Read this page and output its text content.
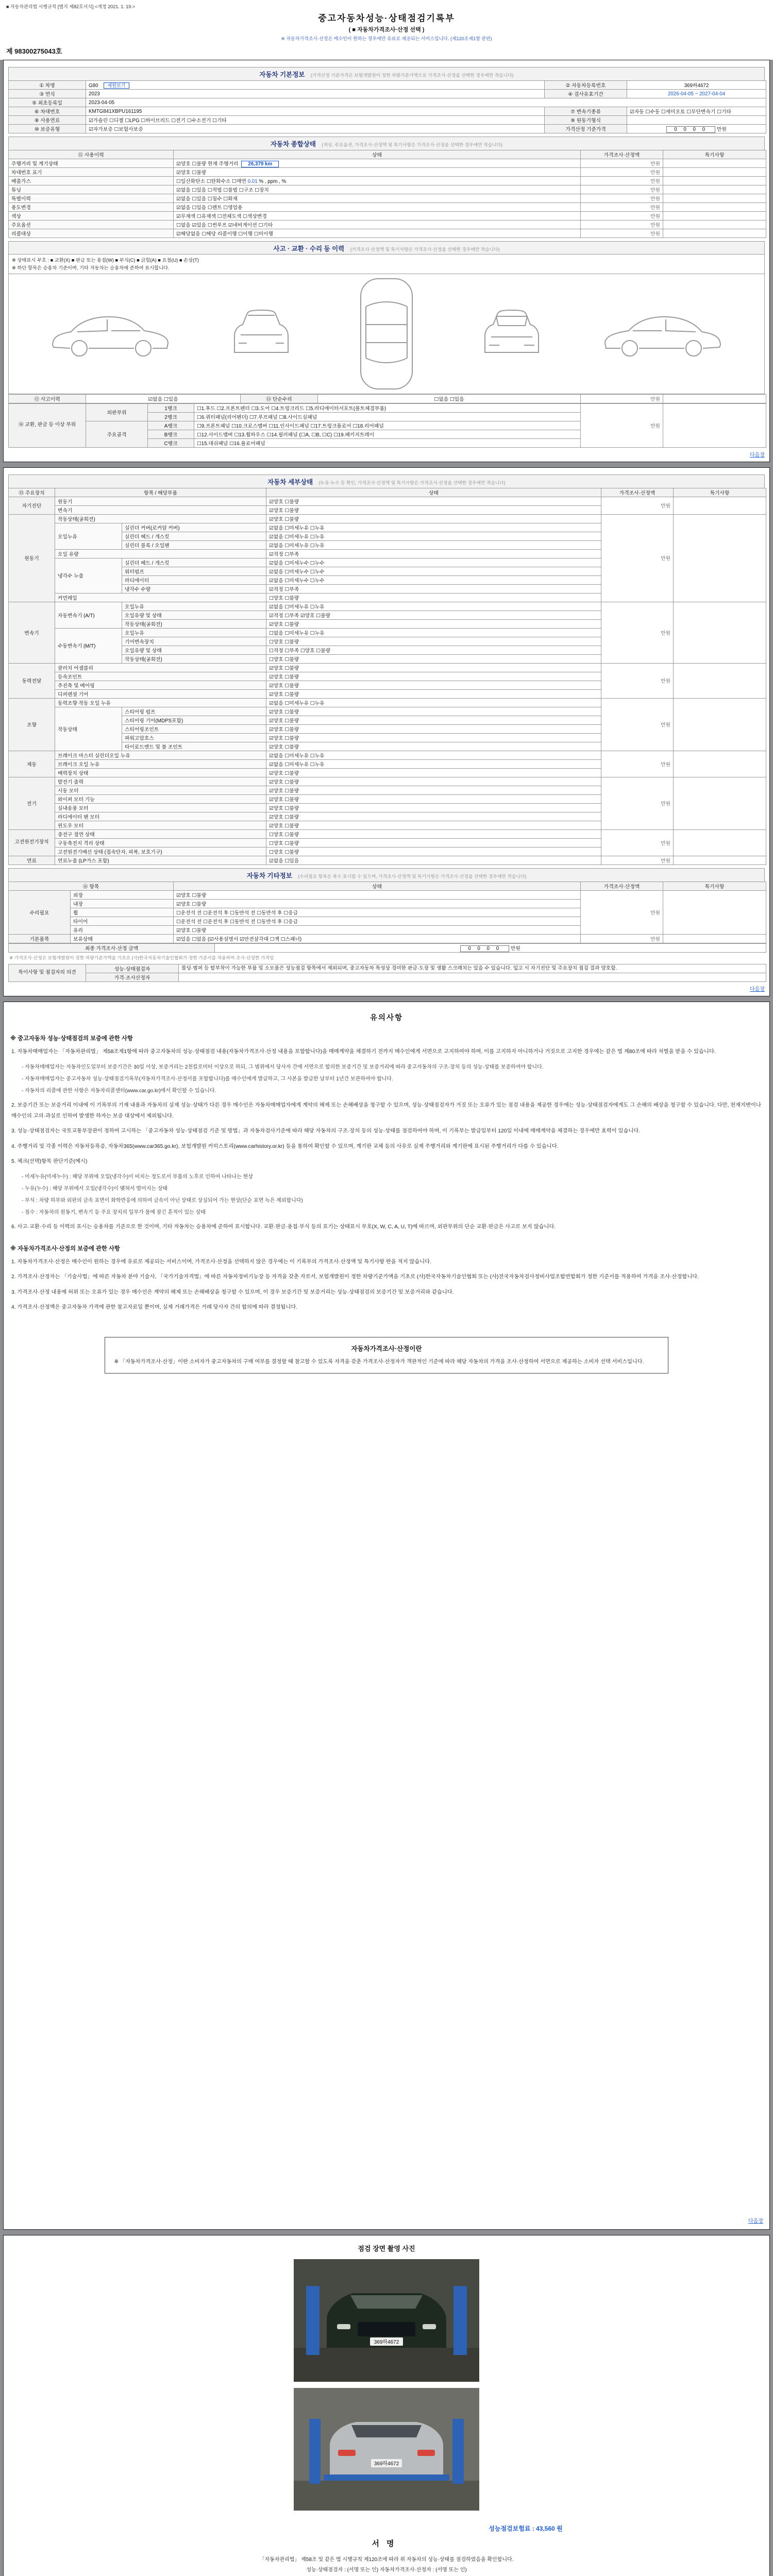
■ 자동차관리법 시행규칙 [별지 제82호서식] <개정 2021. 1. 19.>
중고자동차성능·상태점검기록부
( ■ 자동차가격조사·산정 선택 )
※ 자동차가격조사·산정은 매수인이 원하는 경우에만 유료로 제공되는 서비스입니다. (제120조제1항 관련)
제 98300275043호
자동차 기본정보 (가격산정 기준가격은 보험개발원이 정한 차량기준가액으로 가격조사·산정을 선택한 경우에만 적습니다)
① 차명	G80 제원보기	② 자동차등록번호	369하4672
③ 연식	2023	④ 검사유효기간	2026-04-05 ~ 2027-04-04
⑤ 최초등록일	2023-04-05		
⑥ 차대번호	KMTG841XBPU161195	⑦ 변속기종류	☑자동 ☐수동 ☐세미오토 ☐무단변속기 ☐기타
⑧ 사용연료	☑가솔린 ☐디젤 ☐LPG ☐하이브리드 ☐전기 ☐수소전기 ☐기타	⑨ 원동기형식	
⑩ 보증유형	☑자가보증 ☐보험사보증	가격산정 기준가격	0 0 0 0 만원
자동차 종합상태 (색상, 주요옵션, 가격조사·산정액 및 특기사항은 가격조사·산정을 선택한 경우에만 적습니다)
⑪ 사용이력	상태	가격조사·산정액	특기사항
주행거리 및 계기상태	☑양호 ☐불량 현재 주행거리 26,379 km	만원	
차대번호 표기	☑양호 ☐불량	만원	
배출가스	☐일산화탄소 ☐탄화수소 ☐매연 0.01 % , ppm , %	만원	
튜닝	☑없음 ☐있음 ☐적법 ☐불법 ☐구조 ☐장치	만원	
특별이력	☑없음 ☐있음 ☐침수 ☐화재	만원	
용도변경	☑없음 ☐있음 ☐렌트 ☐영업용	만원	
색상	☑무채색 ☐유채색 ☐전체도색 ☐색상변경	만원	
주요옵션	☐없음 ☑있음 ☐썬루프 ☑네비게이션 ☐기타	만원	
리콜대상	☑해당없음 ☐해당 리콜이행 ☐이행 ☐미이행	만원	
사고 · 교환 · 수리 등 이력 (가격조사·산정액 및 특기사항은 가격조사·산정을 선택한 경우에만 적습니다)
※ 상태표시 부호 : ■ 교환(X) ■ 판금 또는 용접(W) ■ 부식(C) ■ 긁힘(A) ■ 요철(U) ■ 손상(T)
※ 하단 항목은 승용차 기준이며, 기타 자동차는 승용차에 준하여 표시합니다.
⑫ 사고이력	☑없음 ☐있음	⑬ 단순수리	☐없음 ☐있음	만원	
⑭ 교환, 판금 등 이상 부위	외판부위	1랭크	☐1.후드 ☐2.프론트펜더 ☐3.도어 ☐4.트렁크리드 ☐5.라디에이터서포트(볼트체결부품)	만원	
		2랭크	☐6.쿼터패널(리어펜더) ☐7.루프패널 ☐8.사이드실패널		
	주요골격	A랭크	☐9.프론트패널 ☐10.크로스멤버 ☐11.인사이드패널 ☐17.트렁크플로어 ☐18.리어패널		
		B랭크	☐12.사이드멤버 ☐13.휠하우스 ☐14.필러패널 (☐A, ☐B, ☐C) ☐19.패키지트레이		
		C랭크	☐15.대쉬패널 ☐16.플로어패널		
다음장
자동차 세부상태 (누유·누수 등 확인, 가격조사·산정액 및 특기사항은 가격조사·산정을 선택한 경우에만 적습니다)
⑮ 주요장치	항목 / 해당부품		상태	가격조사·산정액	특기사항
자기진단	원동기		☑양호 ☐불량	만원	
	변속기		☑양호 ☐불량		
원동기	작동상태(공회전)		☑양호 ☐불량	만원	
	오일누유	실린더 커버(로커암 커버)	☑없음 ☐미세누유 ☐누유		
		실린더 헤드 / 개스킷	☑없음 ☐미세누유 ☐누유		
		실린더 블록 / 오일팬	☑없음 ☐미세누유 ☐누유		
	오일 유량		☑적정 ☐부족		
	냉각수 누출	실린더 헤드 / 개스킷	☑없음 ☐미세누수 ☐누수		
		워터펌프	☑없음 ☐미세누수 ☐누수		
		라디에이터	☑없음 ☐미세누수 ☐누수		
		냉각수 수량	☑적정 ☐부족		
	커먼레일		☐양호 ☐불량		
변속기	자동변속기 (A/T)	오일누유	☑없음 ☐미세누유 ☐누유	만원	
		오일유량 및 상태	☑적정 ☐부족 ☑양호 ☐불량		
		작동상태(공회전)	☑양호 ☐불량		
	수동변속기 (M/T)	오일누유	☐없음 ☐미세누유 ☐누유		
		기어변속장치	☐양호 ☐불량		
		오일유량 및 상태	☐적정 ☐부족 ☐양호 ☐불량		
		작동상태(공회전)	☐양호 ☐불량		
동력전달	클러치 어셈블리		☑양호 ☐불량	만원	
	등속조인트		☑양호 ☐불량		
	추진축 및 베어링		☑양호 ☐불량		
	디퍼렌셜 기어		☑양호 ☐불량		
조향	동력조향 작동 오일 누유		☑없음 ☐미세누유 ☐누유	만원	
	작동상태	스티어링 펌프	☑양호 ☐불량		
		스티어링 기어(MDPS포함)	☑양호 ☐불량		
		스티어링조인트	☑양호 ☐불량		
		파워고압호스	☑양호 ☐불량		
		타이로드엔드 및 볼 조인트	☑양호 ☐불량		
제동	브레이크 마스터 실린더오일 누유		☑없음 ☐미세누유 ☐누유	만원	
	브레이크 오일 누유		☑없음 ☐미세누유 ☐누유		
	배력장치 상태		☑양호 ☐불량		
전기	발전기 출력		☑양호 ☐불량	만원	
	시동 모터		☑양호 ☐불량		
	와이퍼 모터 기능		☑양호 ☐불량		
	실내송풍 모터		☑양호 ☐불량		
	라디에이터 팬 모터		☑양호 ☐불량		
	윈도우 모터		☑양호 ☐불량		
고전원전기장치	충전구 절연 상태		☐양호 ☐불량	만원	
	구동축전지 격리 상태		☐양호 ☐불량		
	고전원전기배선 상태 (접속단자, 피복, 보호기구)		☐양호 ☐불량		
연료	연료누출 (LP가스 포함)		☑없음 ☐있음	만원	
자동차 기타정보 (수리필요 항목은 복수 표시할 수 있으며, 가격조사·산정액 및 특기사항은 가격조사·산정을 선택한 경우에만 적습니다)
⑯ 항목		상태	가격조사·산정액	특기사항
수리필요	외장	☑양호 ☐불량	만원	
	내장	☑양호 ☐불량		
	휠	☐운전석 전 ☐운전석 후 ☐동반석 전 ☐동반석 후 ☐응급		
	타이어	☐운전석 전 ☐운전석 후 ☐동반석 전 ☐동반석 후 ☐응급		
	유리	☑양호 ☐불량		
기본품목	보유상태	☑있음 ☐없음 (☑사용설명서 ☑안전삼각대 ☐잭 ☐스패너)	만원	
최종 가격조사·산정 금액	0 0 0 0 만원
※ 가격조사·산정은 보험개발원이 정한 차량기준가액을 기초로 (사)한국자동차기술인협회가 정한 기준서를 적용하여 조사·산정한 가격임
특이사항 및 점검자의 의견	성능·상태점검자	몰딩·범퍼 등 탈부착이 가능한 부품 및 소모품은 성능점검 항목에서 제외되며, 중고자동차 특성상 경미한 판금·도장 및 생활 스크래치는 있을 수 있습니다. 입고 시 자기진단 및 주요장치 점검 결과 양호함.
	가격·조사산정자	
다음장
유의사항
※ 중고자동차 성능·상태점검의 보증에 관한 사항
1. 자동차매매업자는 「자동차관리법」 제58조제1항에 따라 중고자동차의 성능·상태점검 내용(자동차가격조사·산정 내용을 포함합니다)을 매매계약을 체결하기 전까지 매수인에게 서면으로 고지하여야 하며, 이를 고지하지 아니하거나 거짓으로 고지한 경우에는 같은 법 제80조에 따라 처벌을 받을 수 있습니다.
- 자동차매매업자는 자동차인도일부터 보증기간은 30일 이상, 보증거리는 2천킬로미터 이상으로 하되, 그 범위에서 당사자 간에 서면으로 합의한 보증기간 및 보증거리에 따라 중고자동차의 구조·장치 등의 성능·상태를 보증하여야 합니다.
- 자동차매매업자는 중고자동차 성능·상태점검기록부(자동차가격조사·산정서를 포함합니다)를 매수인에게 발급하고, 그 사본을 발급한 날부터 1년간 보관하여야 합니다.
- 자동차의 리콜에 관한 사항은 자동차리콜센터(www.car.go.kr)에서 확인할 수 있습니다.
2. 보증기간 또는 보증거리 이내에 이 기록부의 기재 내용과 자동차의 실제 성능·상태가 다른 경우 매수인은 자동차매매업자에게 계약의 해제 또는 손해배상을 청구할 수 있으며, 성능·상태점검자가 거짓 또는 오류가 있는 점검 내용을 제공한 경우에는 성능·상태점검자에게도 그 손해의 배상을 청구할 수 있습니다. 다만, 천재지변이나 매수인의 고의·과실로 인하여 발생한 하자는 보증 대상에서 제외됩니다.
3. 성능·상태점검자는 국토교통부장관이 정하여 고시하는 「중고자동차 성능·상태점검 기준 및 방법」과 자동차검사기준에 따라 해당 자동차의 구조·장치 등의 성능·상태를 점검하여야 하며, 이 기록부는 발급일부터 120일 이내에 매매계약을 체결하는 경우에만 효력이 있습니다.
4. 주행거리 및 각종 이력은 자동차등록증, 자동차365(www.car365.go.kr), 보험개발원 카히스토리(www.carhistory.or.kr) 등을 통하여 확인할 수 있으며, 계기판 교체 등의 사유로 실제 주행거리와 계기판에 표시된 주행거리가 다를 수 있습니다.
5. 체크(선택)항목 판단기준(예시)
- 미세누유(미세누수) : 해당 부위에 오일(냉각수)이 비치는 정도로서 부품의 노후로 인하여 나타나는 현상
- 누유(누수) : 해당 부위에서 오일(냉각수)이 맺혀서 떨어지는 상태
- 부식 : 차량 하부와 외판의 금속 표면이 화학반응에 의하여 금속이 아닌 상태로 상실되어 가는 현상(단순 표면 녹은 제외합니다)
- 침수 : 자동차의 원동기, 변속기 등 주요 장치의 일부가 물에 잠긴 흔적이 있는 상태
6. 사고·교환·수리 등 이력의 표시는 승용차를 기준으로 한 것이며, 기타 자동차는 승용차에 준하여 표시합니다. 교환·판금·용접·부식 등의 표기는 상태표시 부호(X, W, C, A, U, T)에 따르며, 외판부위의 단순 교환·판금은 사고로 보지 않습니다.
※ 자동차가격조사·산정의 보증에 관한 사항
1. 자동차가격조사·산정은 매수인이 원하는 경우에 유료로 제공되는 서비스이며, 가격조사·산정을 선택하지 않은 경우에는 이 기록부의 가격조사·산정액 및 특기사항 란을 적지 않습니다.
2. 가격조사·산정자는 「기술사법」에 따른 자동차 분야 기술사, 「국가기술자격법」에 따른 자동차정비기능장 등 자격을 갖춘 자로서, 보험개발원이 정한 차량기준가액을 기초로 (사)한국자동차기술인협회 또는 (사)전국자동차검사정비사업조합연합회가 정한 기준서를 적용하여 가격을 조사·산정합니다.
3. 가격조사·산정 내용에 허위 또는 오류가 있는 경우 매수인은 계약의 해제 또는 손해배상을 청구할 수 있으며, 이 경우 보증기간 및 보증거리는 성능·상태점검의 보증기간 및 보증거리와 같습니다.
4. 가격조사·산정액은 중고자동차 가격에 관한 참고자료일 뿐이며, 실제 거래가격은 거래 당사자 간의 합의에 따라 결정됩니다.
자동차가격조사·산정이란
※ 「자동차가격조사·산정」이란 소비자가 중고자동차의 구매 여부를 결정할 때 참고할 수 있도록 자격을 갖춘 가격조사·산정자가 객관적인 기준에 따라 해당 자동차의 가격을 조사·산정하여 서면으로 제공하는 소비자 선택 서비스입니다.
다음장
점검 장면 촬영 사진
369하4672
369하4672
성능점검보험료 : 43,560 원
서명
「자동차관리법」 제58조 및 같은 법 시행규칙 제120조에 따라 위 자동차의 성능·상태를 점검하였음을 확인합니다.
성능·상태점검자 : (서명 또는 인) 자동차가격조사·산정자 : (서명 또는 인)
